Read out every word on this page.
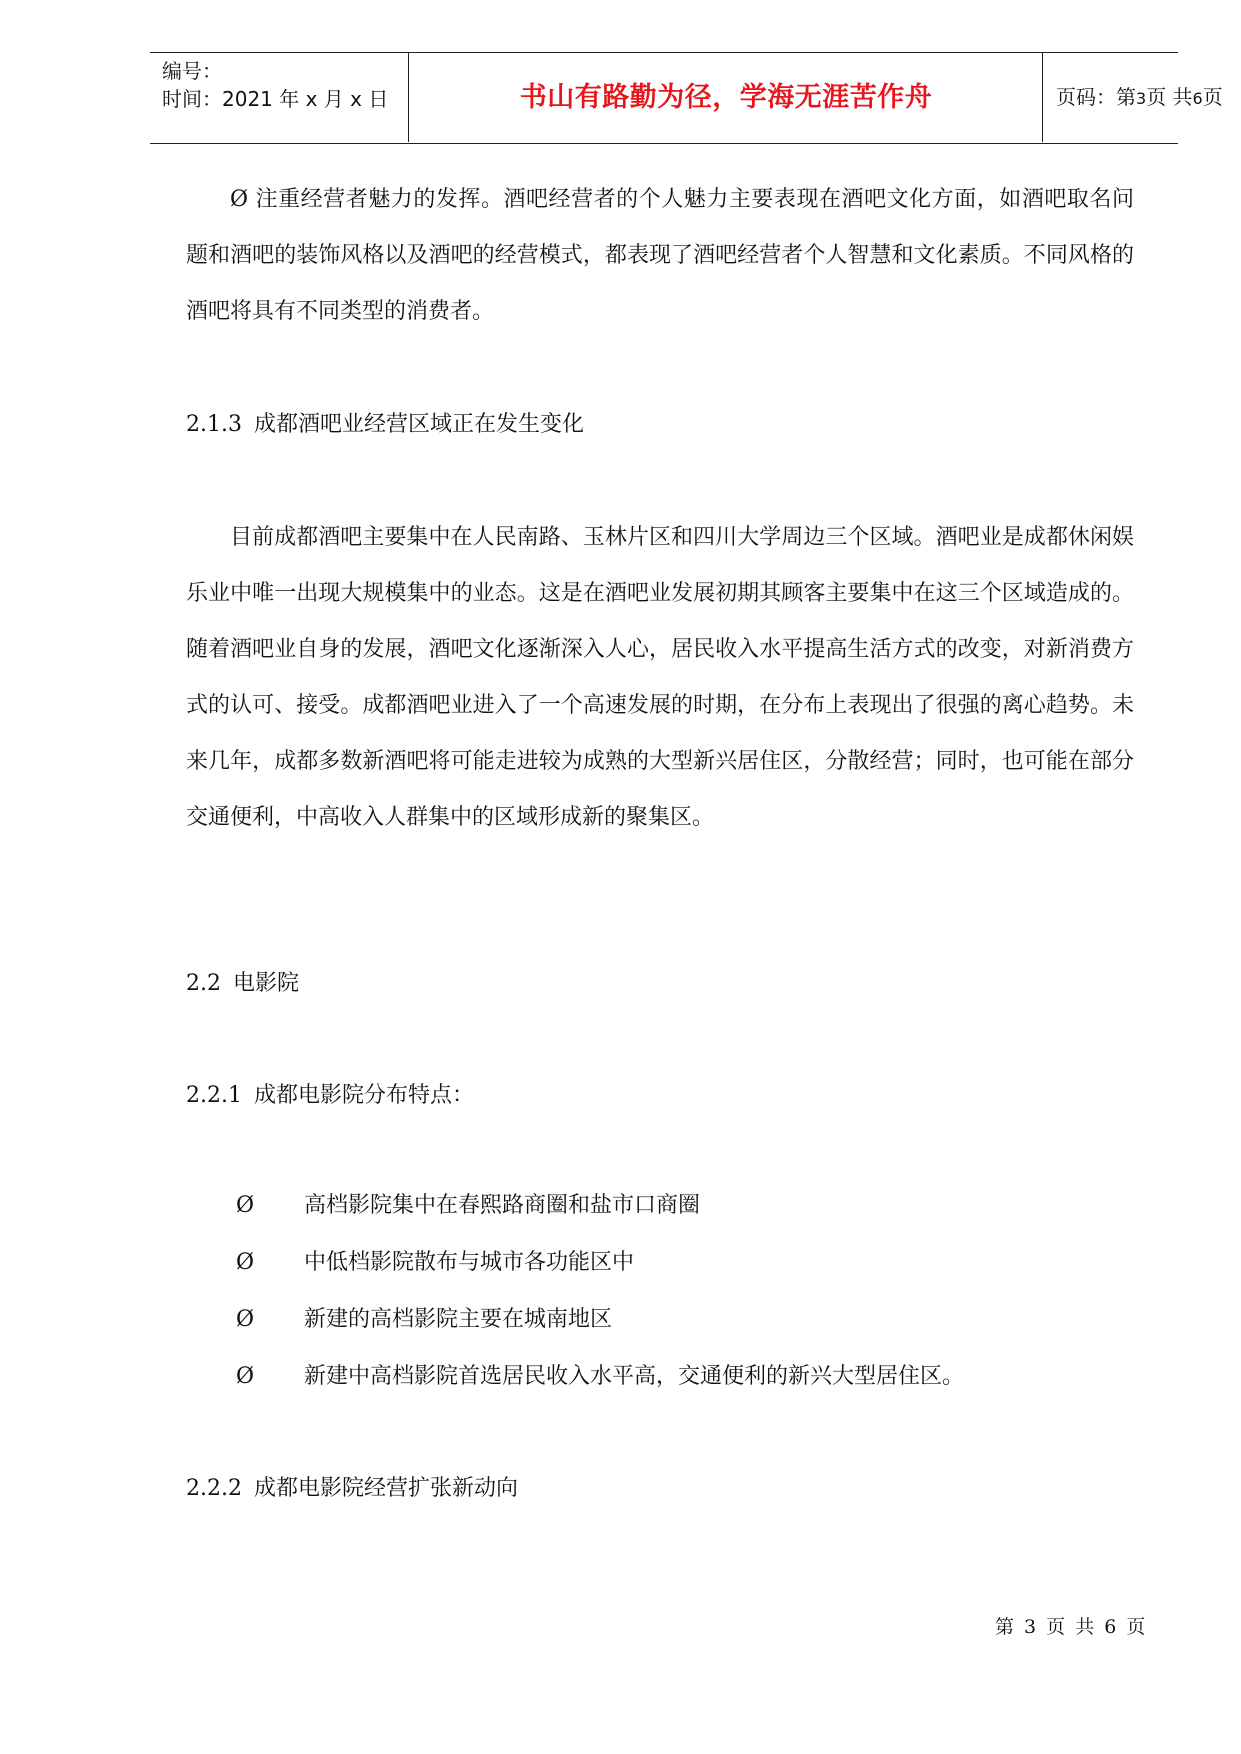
编号：
时间：2021 年 x 月 x 日	书山有路勤为径，学海无涯苦作舟	页码：第3页 共6页

Ø 注重经营者魅力的发挥。酒吧经营者的个人魅力主要表现在酒吧文化方面，如酒吧取名问题和酒吧的装饰风格以及酒吧的经营模式，都表现了酒吧经营者个人智慧和文化素质。不同风格的酒吧将具有不同类型的消费者。

2.1.3 成都酒吧业经营区域正在发生变化

目前成都酒吧主要集中在人民南路、玉林片区和四川大学周边三个区域。酒吧业是成都休闲娱乐业中唯一出现大规模集中的业态。这是在酒吧业发展初期其顾客主要集中在这三个区域造成的。随着酒吧业自身的发展，酒吧文化逐渐深入人心，居民收入水平提高生活方式的改变，对新消费方式的认可、接受。成都酒吧业进入了一个高速发展的时期，在分布上表现出了很强的离心趋势。未来几年，成都多数新酒吧将可能走进较为成熟的大型新兴居住区，分散经营；同时，也可能在部分交通便利，中高收入人群集中的区域形成新的聚集区。

2.2 电影院
2.2.1 成都电影院分布特点：
Ø 高档影院集中在春熙路商圈和盐市口商圈
Ø 中低档影院散布与城市各功能区中
Ø 新建的高档影院主要在城南地区
Ø 新建中高档影院首选居民收入水平高，交通便利的新兴大型居住区。
2.2.2 成都电影院经营扩张新动向
第 3 页 共 6 页
